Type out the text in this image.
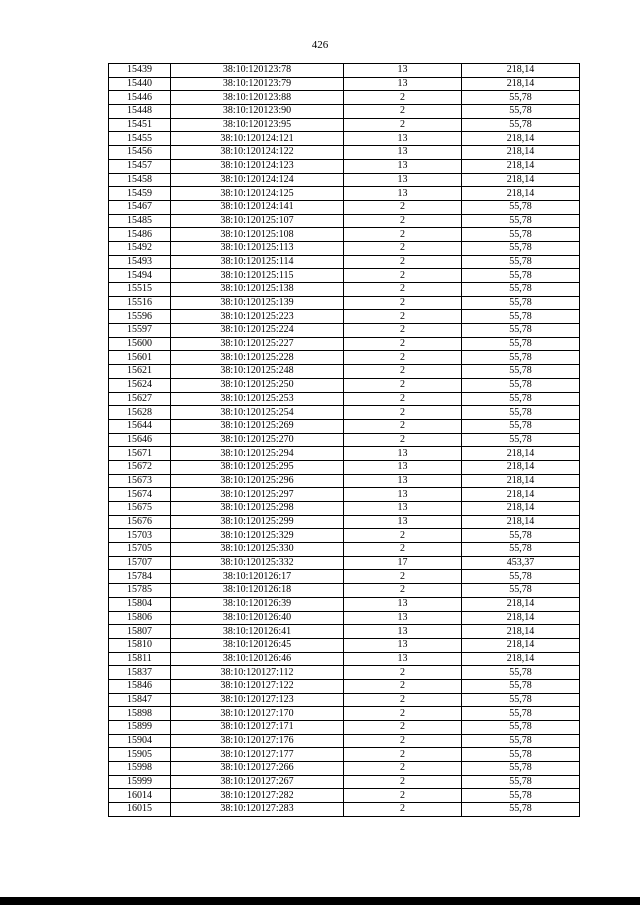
426
15439	38:10:120123:78	13	218,14
15440	38:10:120123:79	13	218,14
15446	38:10:120123:88	2	55,78
15448	38:10:120123:90	2	55,78
15451	38:10:120123:95	2	55,78
15455	38:10:120124:121	13	218,14
15456	38:10:120124:122	13	218,14
15457	38:10:120124:123	13	218,14
15458	38:10:120124:124	13	218,14
15459	38:10:120124:125	13	218,14
15467	38:10:120124:141	2	55,78
15485	38:10:120125:107	2	55,78
15486	38:10:120125:108	2	55,78
15492	38:10:120125:113	2	55,78
15493	38:10:120125:114	2	55,78
15494	38:10:120125:115	2	55,78
15515	38:10:120125:138	2	55,78
15516	38:10:120125:139	2	55,78
15596	38:10:120125:223	2	55,78
15597	38:10:120125:224	2	55,78
15600	38:10:120125:227	2	55,78
15601	38:10:120125:228	2	55,78
15621	38:10:120125:248	2	55,78
15624	38:10:120125:250	2	55,78
15627	38:10:120125:253	2	55,78
15628	38:10:120125:254	2	55,78
15644	38:10:120125:269	2	55,78
15646	38:10:120125:270	2	55,78
15671	38:10:120125:294	13	218,14
15672	38:10:120125:295	13	218,14
15673	38:10:120125:296	13	218,14
15674	38:10:120125:297	13	218,14
15675	38:10:120125:298	13	218,14
15676	38:10:120125:299	13	218,14
15703	38:10:120125:329	2	55,78
15705	38:10:120125:330	2	55,78
15707	38:10:120125:332	17	453,37
15784	38:10:120126:17	2	55,78
15785	38:10:120126:18	2	55,78
15804	38:10:120126:39	13	218,14
15806	38:10:120126:40	13	218,14
15807	38:10:120126:41	13	218,14
15810	38:10:120126:45	13	218,14
15811	38:10:120126:46	13	218,14
15837	38:10:120127:112	2	55,78
15846	38:10:120127:122	2	55,78
15847	38:10:120127:123	2	55,78
15898	38:10:120127:170	2	55,78
15899	38:10:120127:171	2	55,78
15904	38:10:120127:176	2	55,78
15905	38:10:120127:177	2	55,78
15998	38:10:120127:266	2	55,78
15999	38:10:120127:267	2	55,78
16014	38:10:120127:282	2	55,78
16015	38:10:120127:283	2	55,78
